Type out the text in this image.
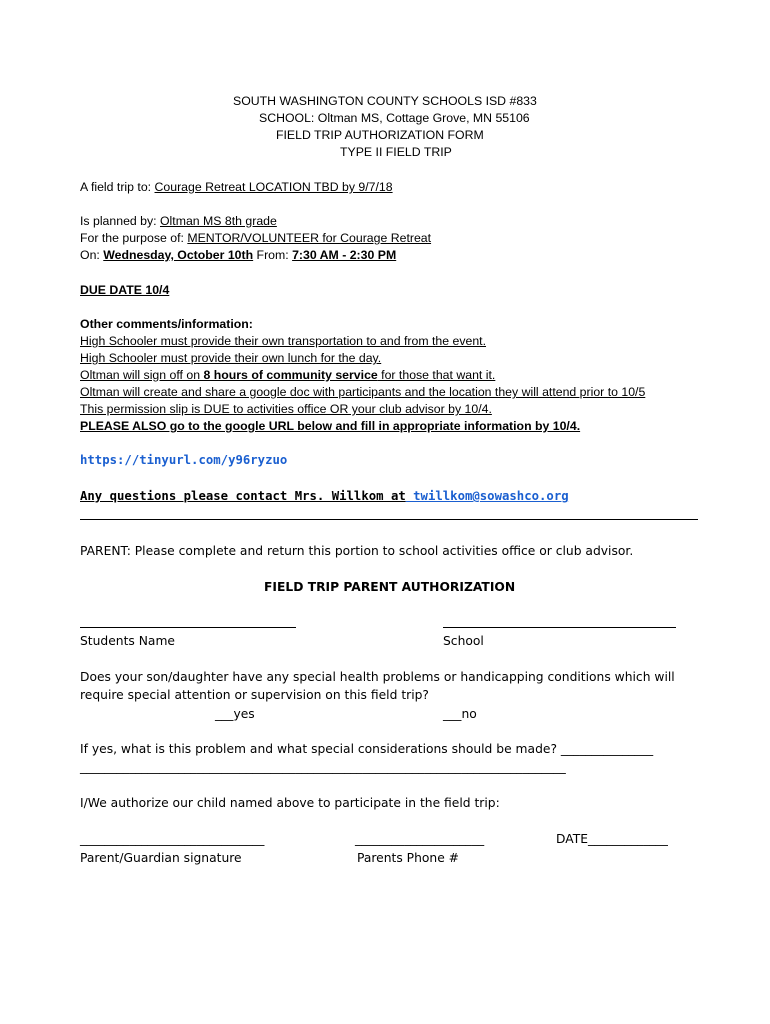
SOUTH WASHINGTON COUNTY SCHOOLS ISD #833
SCHOOL: Oltman MS, Cottage Grove, MN 55106
FIELD TRIP AUTHORIZATION FORM
TYPE II FIELD TRIP
A field trip to: Courage Retreat LOCATION TBD by 9/7/18
Is planned by: Oltman MS 8th grade
For the purpose of: MENTOR/VOLUNTEER for Courage Retreat
On: Wednesday, October 10th From: 7:30 AM - 2:30 PM
DUE DATE 10/4
Other comments/information:
High Schooler must provide their own transportation to and from the event.
High Schooler must provide their own lunch for the day.
Oltman will sign off on 8 hours of community service for those that want it.
Oltman will create and share a google doc with participants and the location they will attend prior to 10/5
This permission slip is DUE to activities office OR your club advisor by 10/4.
PLEASE ALSO go to the google URL below and fill in appropriate information by 10/4.
https://tinyurl.com/y96ryzuo
Any questions please contact Mrs. Willkom at twillkom@sowashco.org
PARENT: Please complete and return this portion to school activities office or club advisor.
FIELD TRIP PARENT AUTHORIZATION
Students Name	School
Does your son/daughter have any special health problems or handicapping conditions which will
require special attention or supervision on this field trip?
___yes	___no
If yes, what is this problem and what special considerations should be made? _______________
_______________________________________________________________________________
I/We authorize our child named above to participate in the field trip:
______________________________	_____________________	DATE_____________
Parent/Guardian signature	Parents Phone #
